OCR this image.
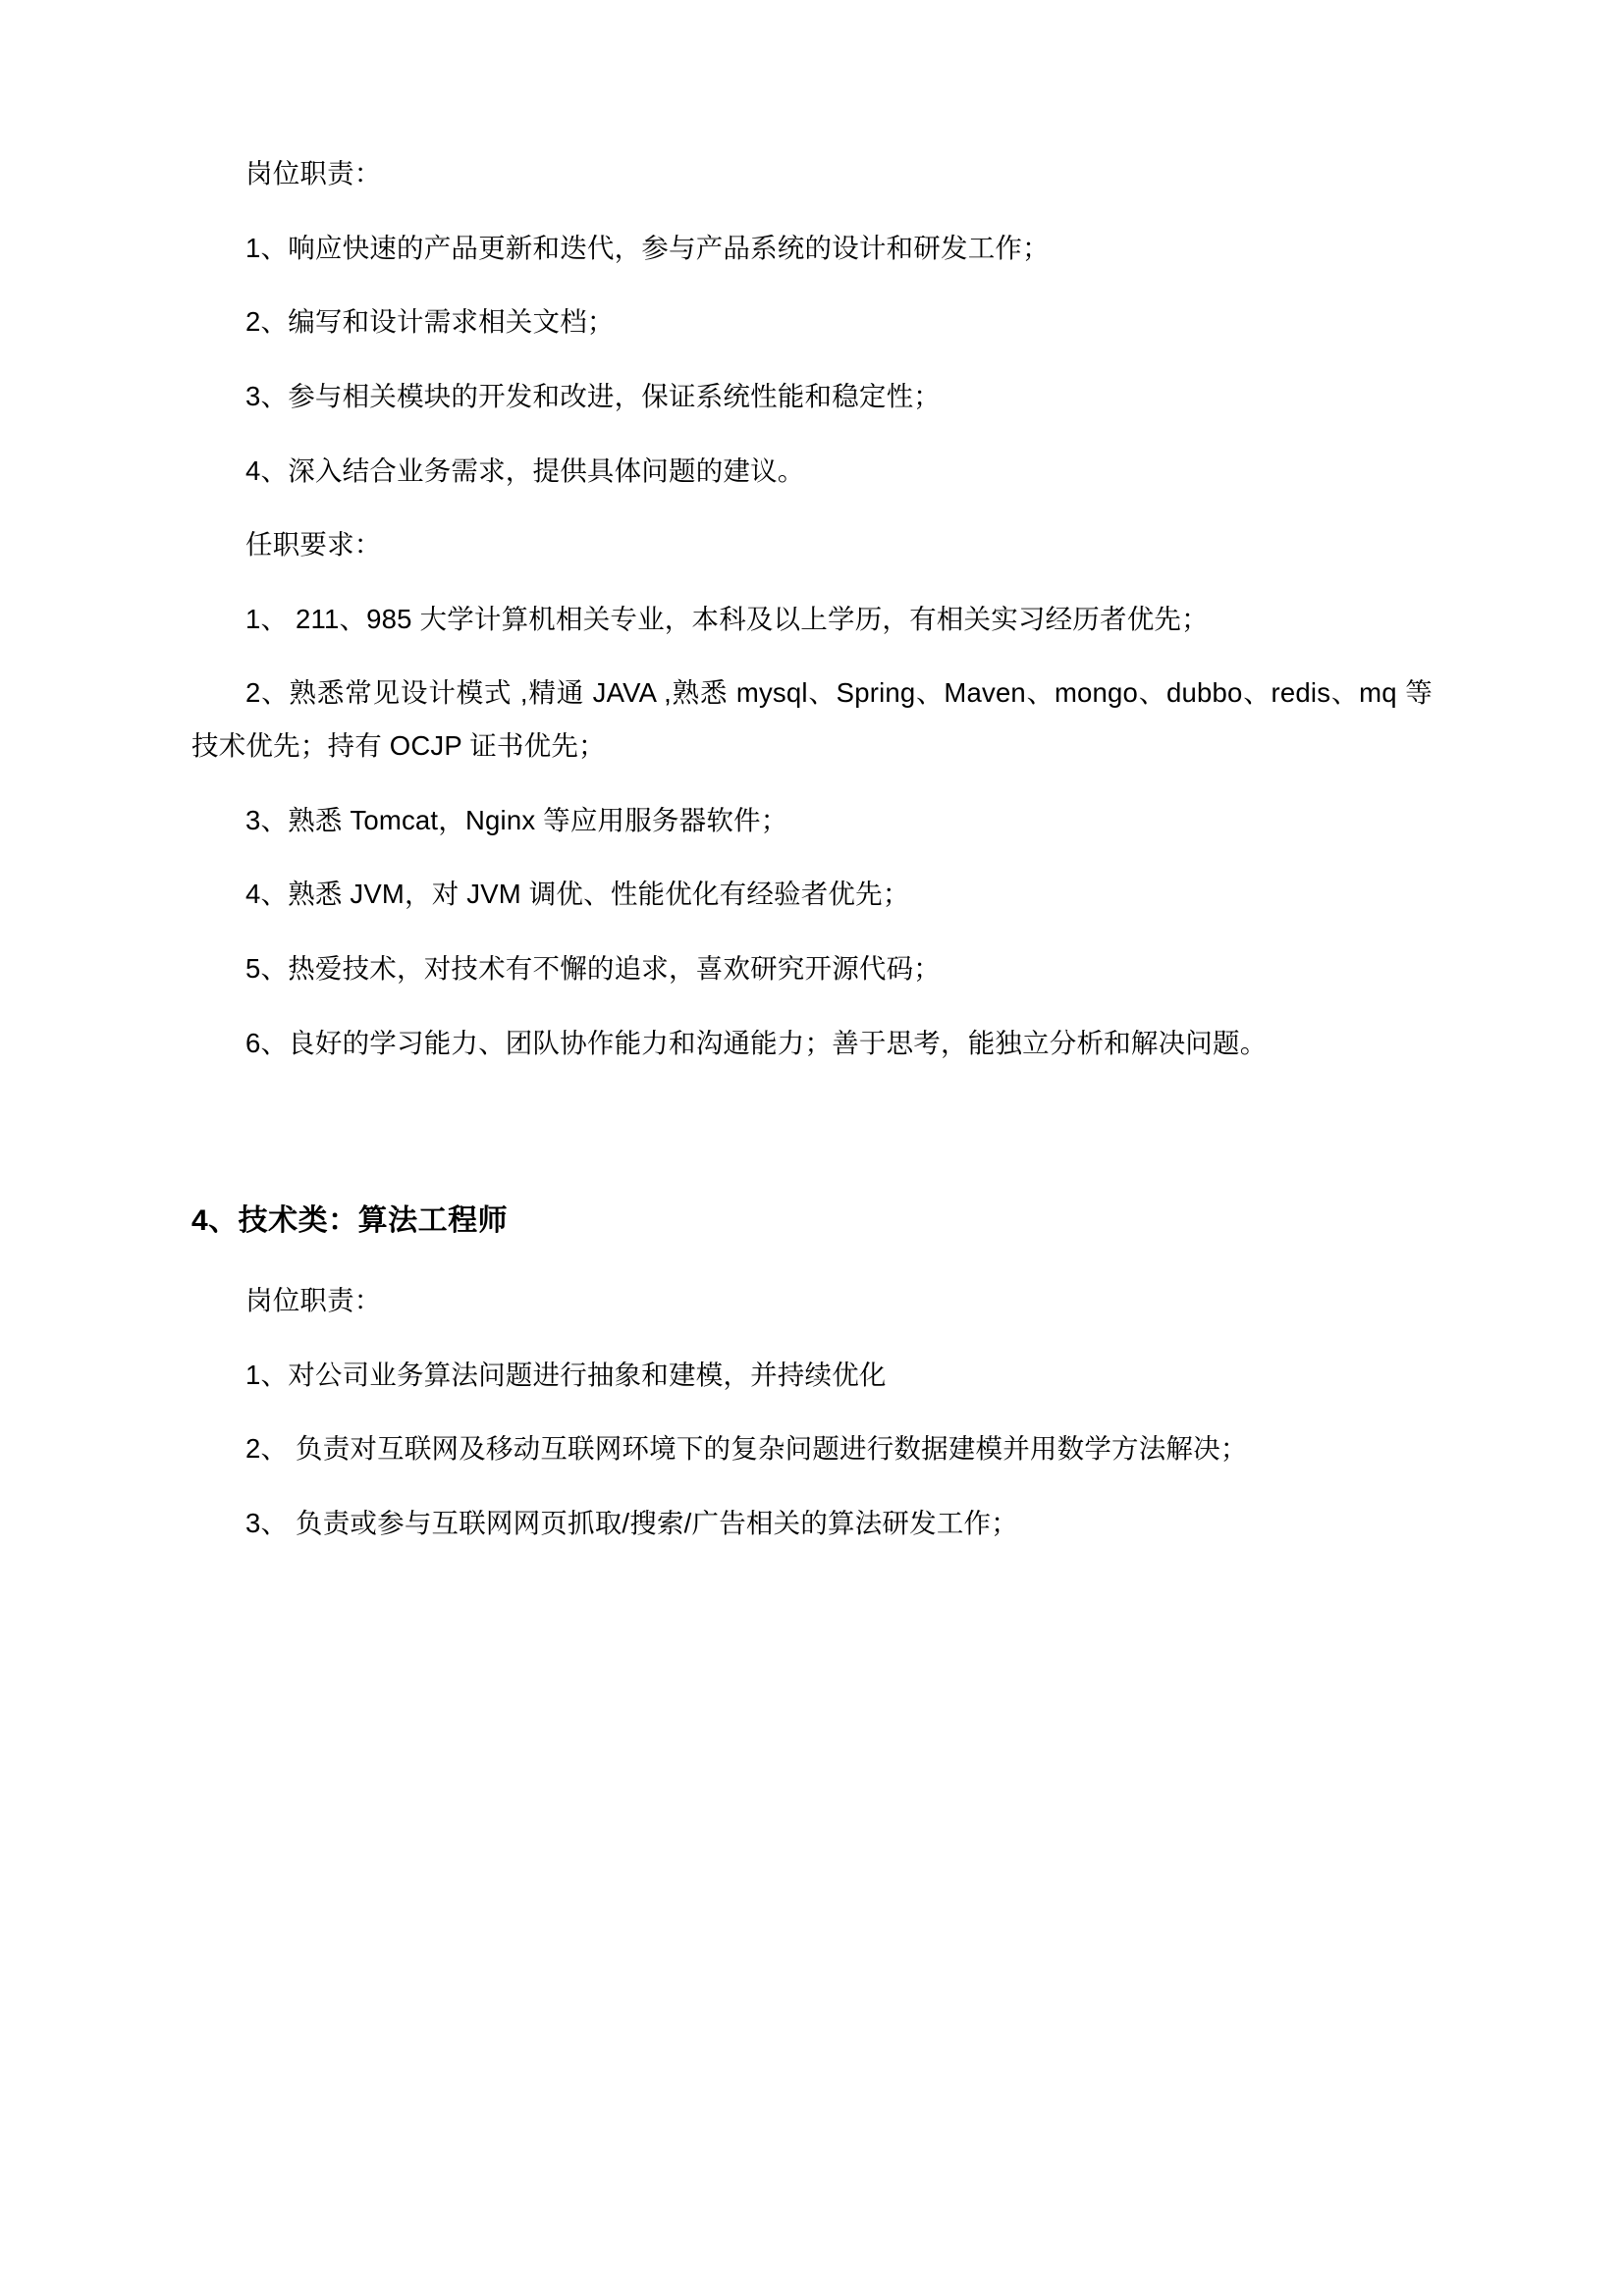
岗位职责：

1、响应快速的产品更新和迭代，参与产品系统的设计和研发工作；

2、编写和设计需求相关文档；

3、参与相关模块的开发和改进，保证系统性能和稳定性；

4、深入结合业务需求，提供具体问题的建议。

任职要求：

1、 211、985 大学计算机相关专业，本科及以上学历，有相关实习经历者优先；

2、熟悉常见设计模式 ,精通 JAVA ,熟悉 mysql、Spring、Maven、mongo、dubbo、redis、mq 等技术优先；持有 OCJP 证书优先；

3、熟悉 Tomcat，Nginx 等应用服务器软件；

4、熟悉 JVM，对 JVM 调优、性能优化有经验者优先；

5、热爱技术，对技术有不懈的追求，喜欢研究开源代码；

6、良好的学习能力、团队协作能力和沟通能力；善于思考，能独立分析和解决问题。

4、技术类：算法工程师

岗位职责：

1、对公司业务算法问题进行抽象和建模，并持续优化

2、 负责对互联网及移动互联网环境下的复杂问题进行数据建模并用数学方法解决；

3、 负责或参与互联网网页抓取/搜索/广告相关的算法研发工作；
